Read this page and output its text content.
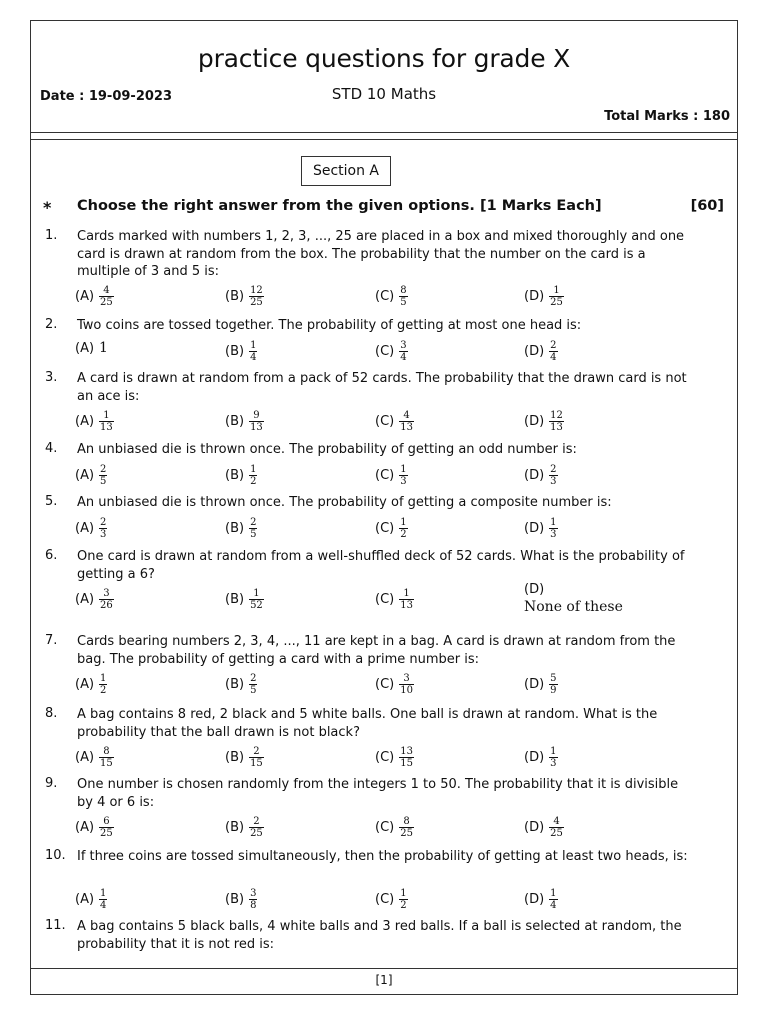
practice questions for grade X
Date : 19-09-2023	STD 10 Maths
Total Marks : 180
Section A
* Choose the right answer from the given options. [1 Marks Each]	[60]
1. Cards marked with numbers 1, 2, 3, ..., 25 are placed in a box and mixed thoroughly and one card is drawn at random from the box. The probability that the number on the card is a multiple of 3 and 5 is:
$(A) \frac{4}{25}$	$(B) \frac{12}{25}$	$(C) \frac{8}{5}$	$(D) \frac{1}{25}$
2. Two coins are tossed together. The probability of getting at most one head is:
(A) 1	$(B) \frac{1}{4}$	$(C) \frac{3}{4}$	$(D) \frac{2}{4}$
3. A card is drawn at random from a pack of 52 cards. The probability that the drawn card is not an ace is:
$(A) \frac{1}{13}$	$(B) \frac{9}{13}$	$(C) \frac{4}{13}$	$(D) \frac{12}{13}$
4. An unbiased die is thrown once. The probability of getting an odd number is:
$(A) \frac{2}{5}$	$(B) \frac{1}{2}$	$(C) \frac{1}{3}$	$(D) \frac{2}{3}$
5. An unbiased die is thrown once. The probability of getting a composite number is:
$(A) \frac{2}{3}$	$(B) \frac{2}{5}$	$(C) \frac{1}{2}$	$(D) \frac{1}{3}$
6. One card is drawn at random from a well-shuffled deck of 52 cards. What is the probability of getting a 6?
$(A) \frac{3}{26}$	$(B) \frac{1}{52}$	$(C) \frac{1}{13}$	(D)
None of these
7. Cards bearing numbers 2, 3, 4, ..., 11 are kept in a bag. A card is drawn at random from the bag. The probability of getting a card with a prime number is:
$(A) \frac{1}{2}$	$(B) \frac{2}{5}$	$(C) \frac{3}{10}$	$(D) \frac{5}{9}$
8. A bag contains 8 red, 2 black and 5 white balls. One ball is drawn at random. What is the probability that the ball drawn is not black?
$(A) \frac{8}{15}$	$(B) \frac{2}{15}$	$(C) \frac{13}{15}$	$(D) \frac{1}{3}$
9. One number is chosen randomly from the integers 1 to 50. The probability that it is divisible by 4 or 6 is:
$(A) \frac{6}{25}$	$(B) \frac{2}{25}$	$(C) \frac{8}{25}$	$(D) \frac{4}{25}$
10. If three coins are tossed simultaneously, then the probability of getting at least two heads, is:
$(A) \frac{1}{4}$	$(B) \frac{3}{8}$	$(C) \frac{1}{2}$	$(D) \frac{1}{4}$
11. A bag contains 5 black balls, 4 white balls and 3 red balls. If a ball is selected at random, the probability that it is not red is:
[1]
